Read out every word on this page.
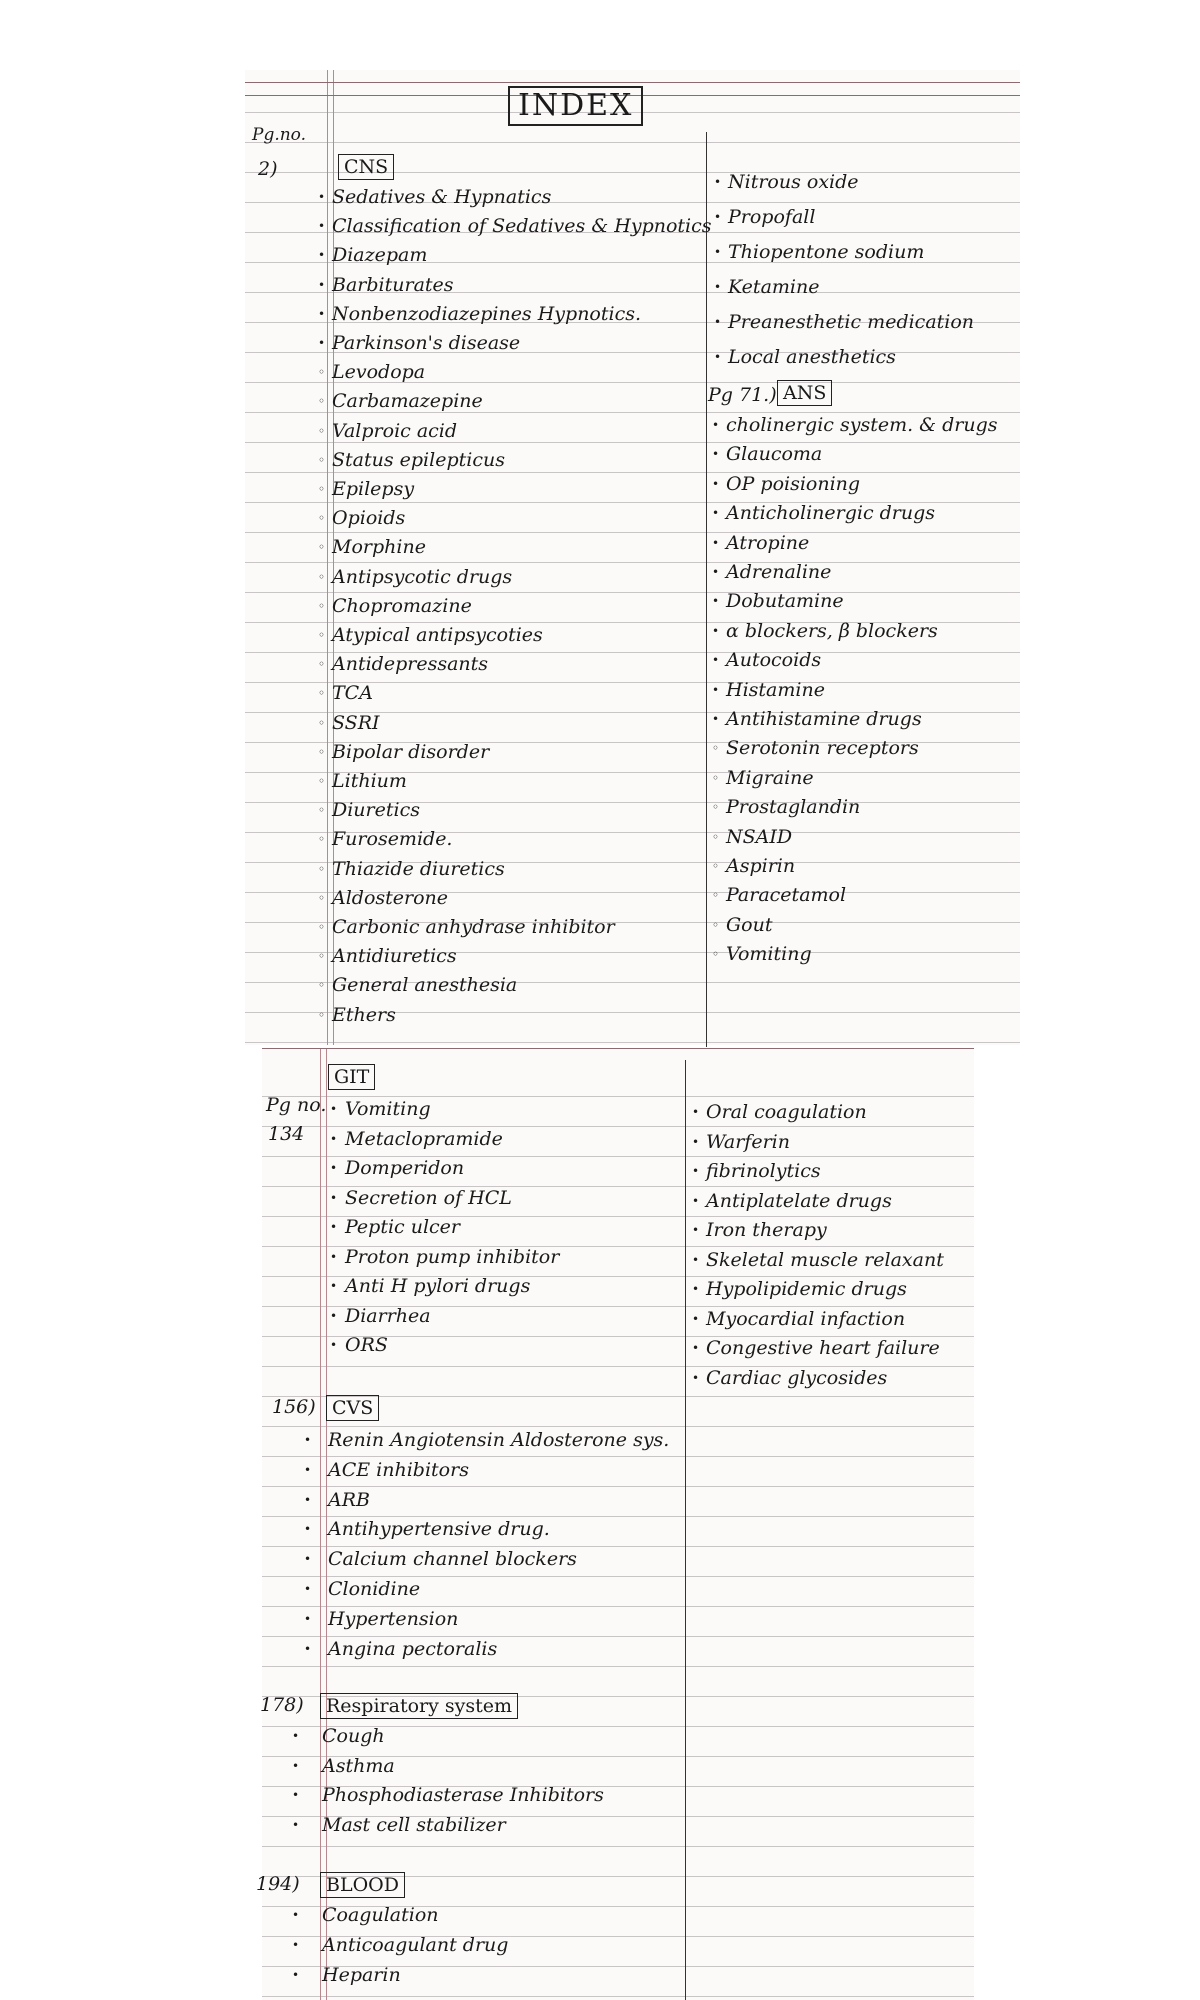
INDEX
Pg.no.
2)	CNS
• Sedatives & Hypnatics
• Classification of Sedatives & Hypnotics
• Diazepam
• Barbiturates
• Nonbenzodiazepines Hypnotics.
• Parkinson's disease
◦ Levodopa
◦ Carbamazepine
◦ Valproic acid
◦ Status epilepticus
◦ Epilepsy
◦ Opioids
◦ Morphine
◦ Antipsycotic drugs
◦ Chopromazine
◦ Atypical antipsycoties
◦ Antidepressants
◦ TCA
◦ SSRI
◦ Bipolar disorder
◦ Lithium
◦ Diuretics
◦ Furosemide.
◦ Thiazide diuretics
◦ Aldosterone
◦ Carbonic anhydrase inhibitor
◦ Antidiuretics
◦ General anesthesia
◦ Ethers
• Nitrous oxide
• Propofall
• Thiopentone sodium
• Ketamine
• Preanesthetic medication
• Local anesthetics
Pg 71.) ANS
• cholinergic system. & drugs
• Glaucoma
• OP poisioning
• Anticholinergic drugs
• Atropine
• Adrenaline
• Dobutamine
• α blockers, β blockers
• Autocoids
• Histamine
• Antihistamine drugs
◦ Serotonin receptors
◦ Migraine
◦ Prostaglandin
◦ NSAID
◦ Aspirin
◦ Paracetamol
◦ Gout
◦ Vomiting
Pg no.
134
GIT
• Vomiting
• Metaclopramide
• Domperidon
• Secretion of HCL
• Peptic ulcer
• Proton pump inhibitor
• Anti H pylori drugs
• Diarrhea
• ORS
• Oral coagulation
• Warferin
• fibrinolytics
• Antiplatelate drugs
• Iron therapy
• Skeletal muscle relaxant
• Hypolipidemic drugs
• Myocardial infaction
• Congestive heart failure
• Cardiac glycosides
156) CVS
• Renin Angiotensin Aldosterone sys.
• ACE inhibitors
• ARB
• Antihypertensive drug.
• Calcium channel blockers
• Clonidine
• Hypertension
• Angina pectoralis
178)	Respiratory system
• Cough
• Asthma
• Phosphodiasterase Inhibitors
• Mast cell stabilizer
194)	BLOOD
• Coagulation
• Anticoagulant drug
• Heparin
